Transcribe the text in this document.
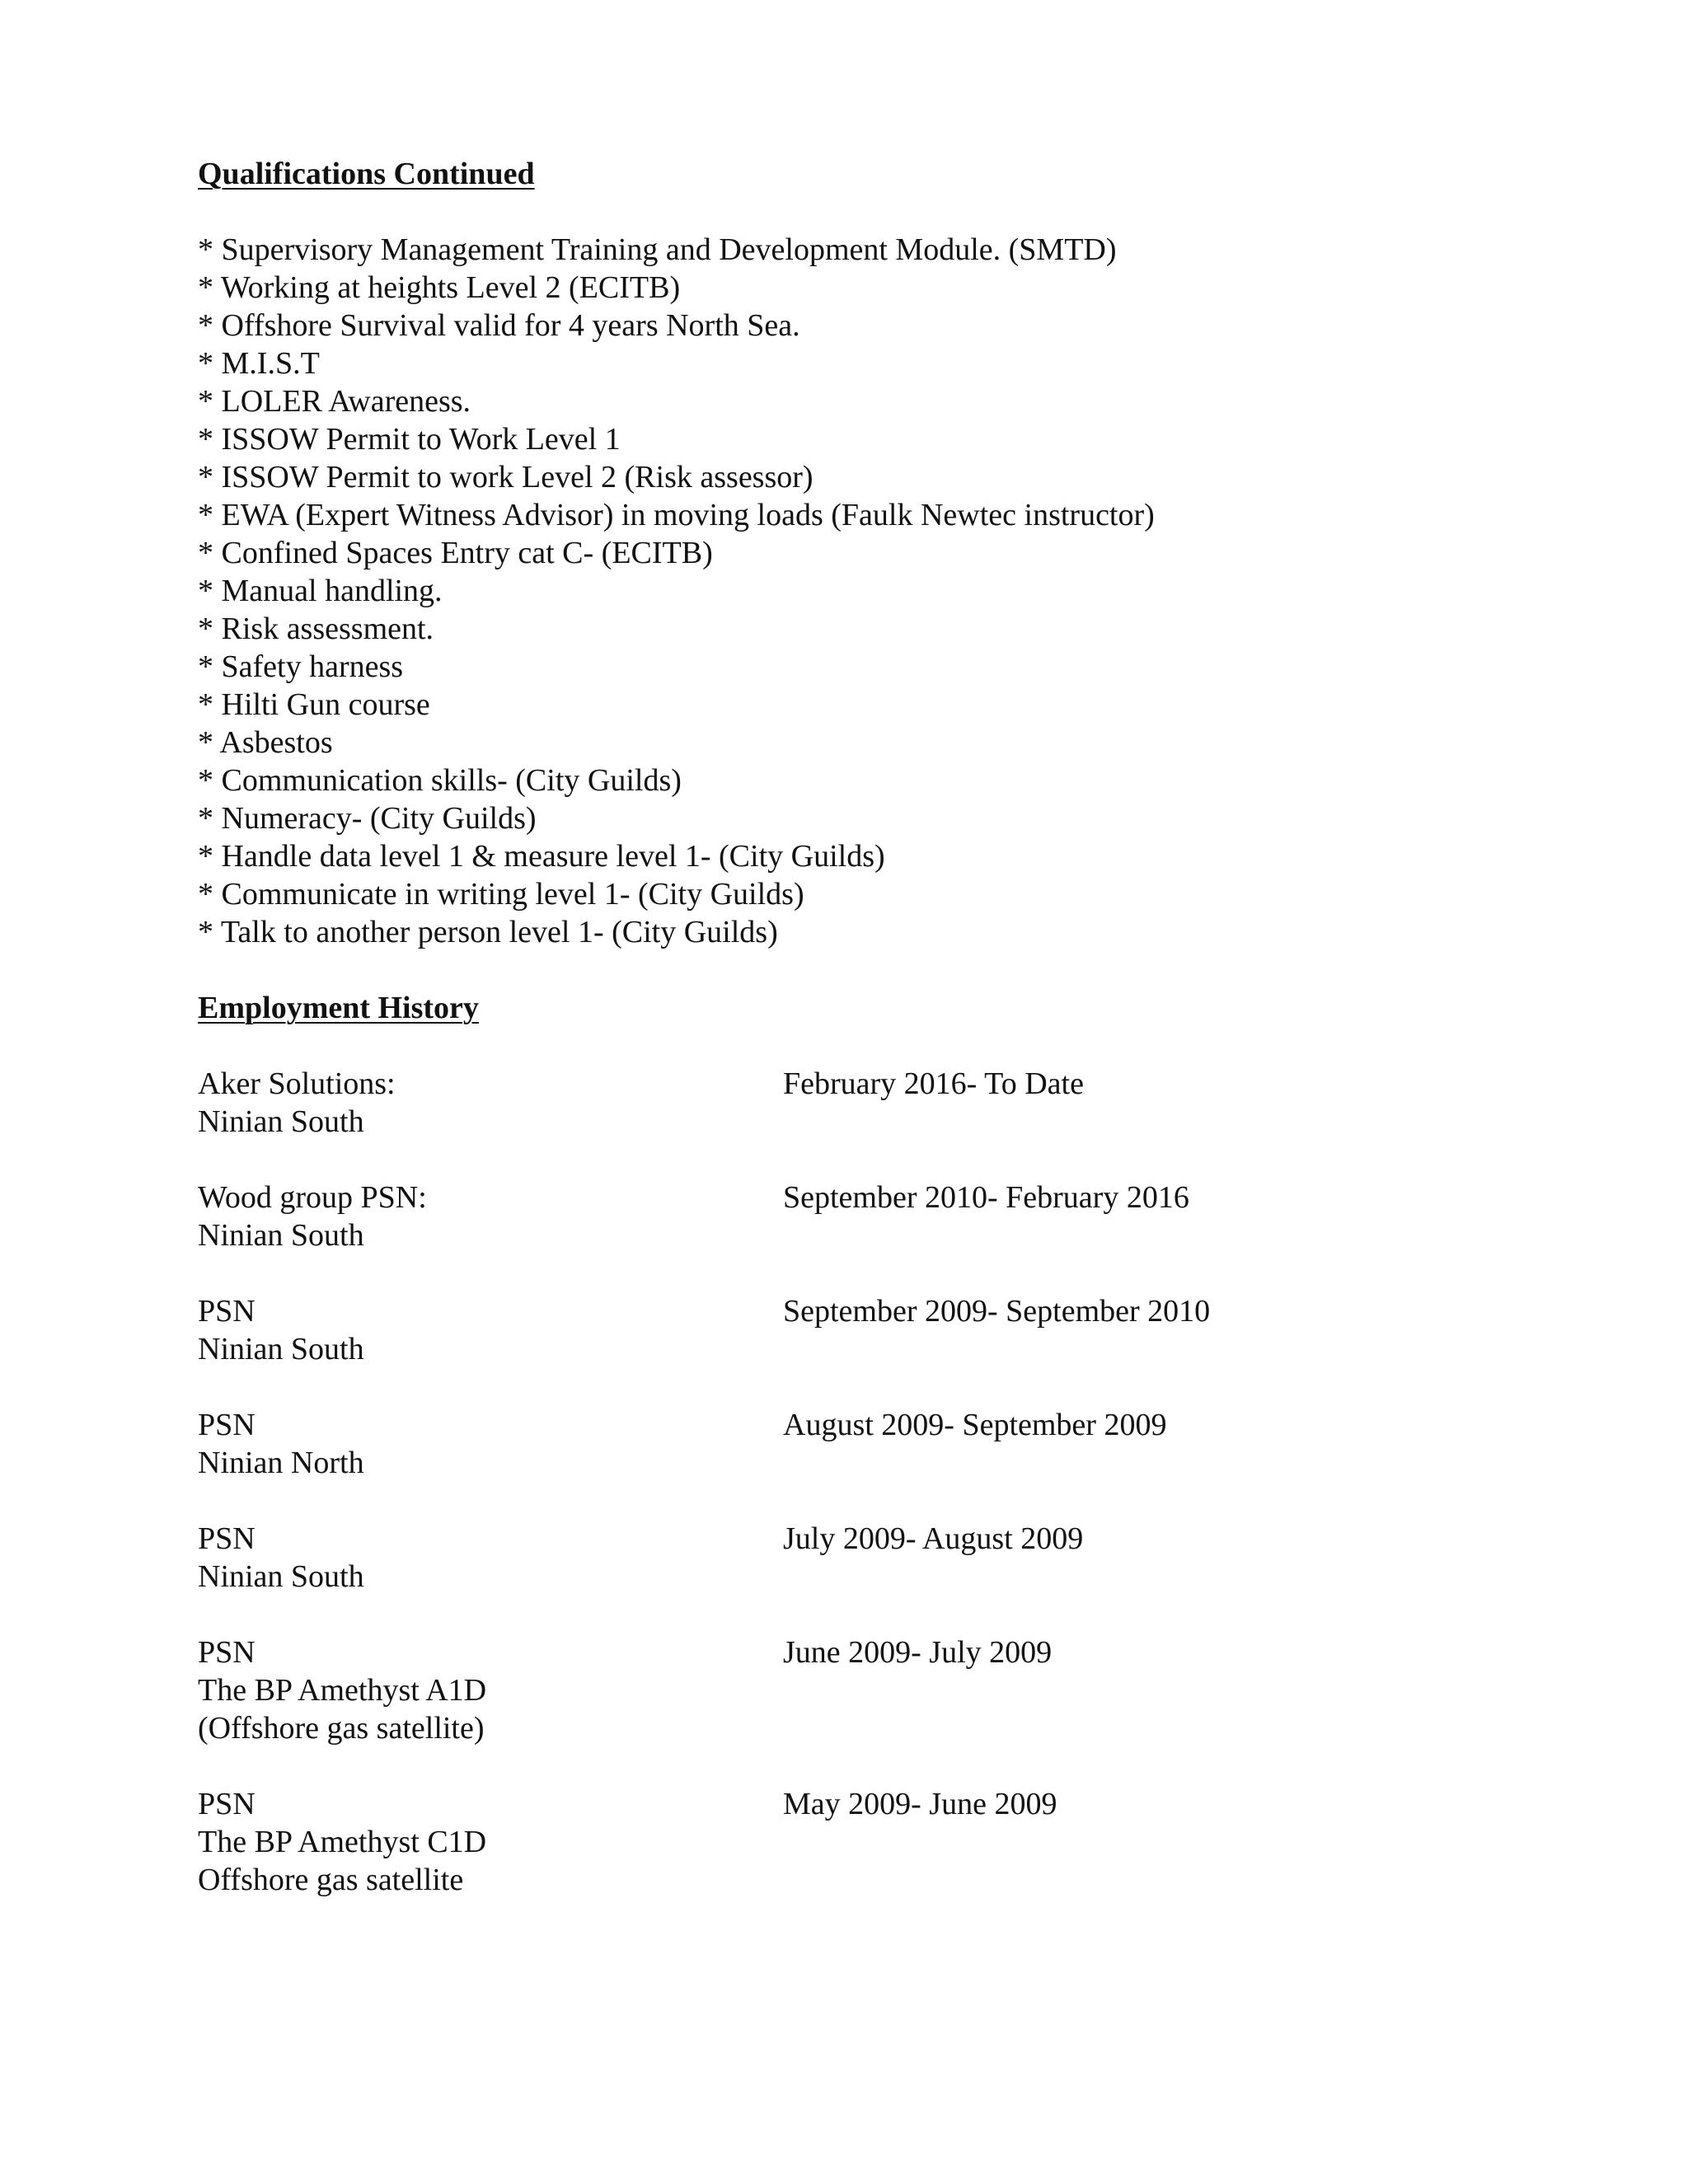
Qualifications Continued
* Supervisory Management Training and Development Module. (SMTD)
* Working at heights Level 2 (ECITB)
* Offshore Survival valid for 4 years North Sea.
* M.I.S.T
* LOLER Awareness.
* ISSOW Permit to Work Level 1
* ISSOW Permit to work Level 2 (Risk assessor)
* EWA (Expert Witness Advisor) in moving loads (Faulk Newtec instructor)
* Confined Spaces Entry cat C- (ECITB)
* Manual handling.
* Risk assessment.
* Safety harness
* Hilti Gun course
* Asbestos
* Communication skills- (City Guilds)
* Numeracy- (City Guilds)
* Handle data level 1 & measure level 1- (City Guilds)
* Communicate in writing level 1- (City Guilds)
* Talk to another person level 1- (City Guilds)
Employment History
Aker Solutions:
Ninian South
February 2016- To Date
Wood group PSN:
Ninian South
September 2010- February 2016
PSN
Ninian South
September 2009- September 2010
PSN
Ninian North
August 2009- September 2009
PSN
Ninian South
July 2009- August 2009
PSN
The BP Amethyst A1D
(Offshore gas satellite)
June 2009- July 2009
PSN
The BP Amethyst C1D
Offshore gas satellite
May 2009- June 2009
